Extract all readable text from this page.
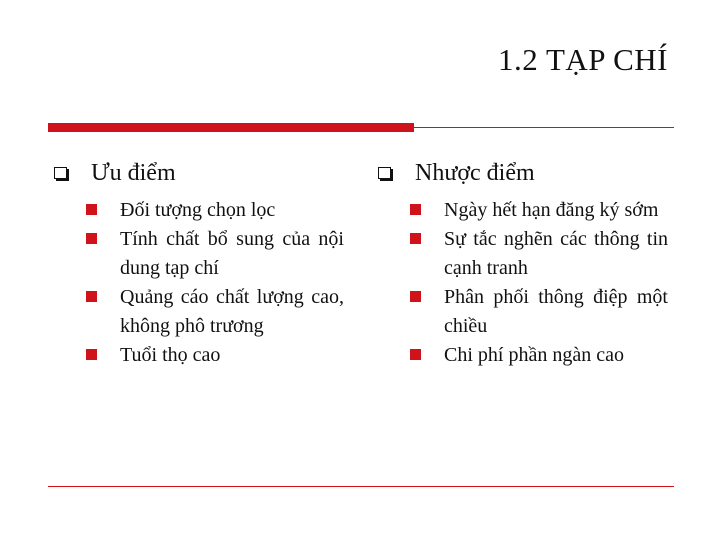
1.2 TẠP CHÍ
Ưu điểm
Đối tượng chọn lọc
Tính chất bổ sung của nội dung tạp chí
Quảng cáo chất lượng cao, không phô trương
Tuổi thọ cao
Nhược điểm
Ngày hết hạn đăng ký sớm
Sự tắc nghẽn các thông tin cạnh tranh
Phân phối thông điệp một chiều
Chi phí phần ngàn cao
